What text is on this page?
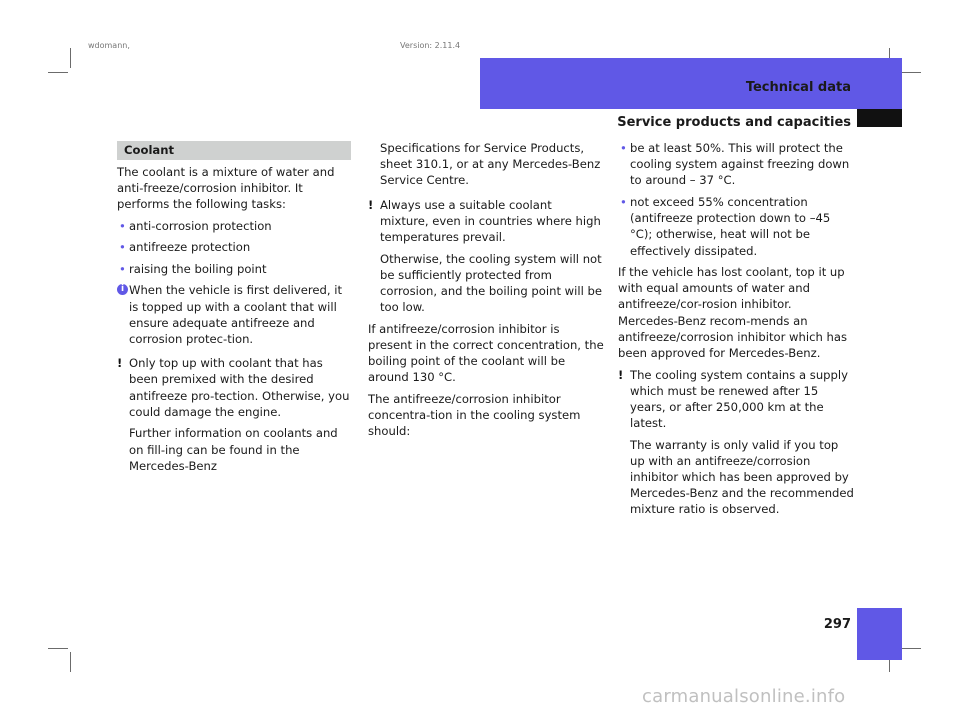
wdomann,	Version: 2.11.4
Technical data
Service products and capacities
Coolant

The coolant is a mixture of water and anti-freeze/corrosion inhibitor. It performs the following tasks:

• anti-corrosion protection

• antifreeze protection

• raising the boiling point

i When the vehicle is first delivered, it is topped up with a coolant that will ensure adequate antifreeze and corrosion protec-tion.

! Only top up with coolant that has been premixed with the desired antifreeze pro-tection. Otherwise, you could damage the engine.

Further information on coolants and on fill-ing can be found in the Mercedes-Benz

Specifications for Service Products, sheet 310.1, or at any Mercedes-Benz Service Centre.

! Always use a suitable coolant mixture, even in countries where high temperatures prevail.

Otherwise, the cooling system will not be sufficiently protected from corrosion, and the boiling point will be too low.

If antifreeze/corrosion inhibitor is present in the correct concentration, the boiling point of the coolant will be around 130 °C.

The antifreeze/corrosion inhibitor concentra-tion in the cooling system should:

• be at least 50%. This will protect the cooling system against freezing down to around – 37 °C.

• not exceed 55% concentration (antifreeze protection down to –45 °C); otherwise, heat will not be effectively dissipated.

If the vehicle has lost coolant, top it up with equal amounts of water and antifreeze/cor-rosion inhibitor. Mercedes-Benz recom-mends an antifreeze/corrosion inhibitor which has been approved for Mercedes-Benz.

! The cooling system contains a supply which must be renewed after 15 years, or after 250,000 km at the latest.

The warranty is only valid if you top up with an antifreeze/corrosion inhibitor which has been approved by Mercedes-Benz and the recommended mixture ratio is observed.

297
carmanualsonline.info
